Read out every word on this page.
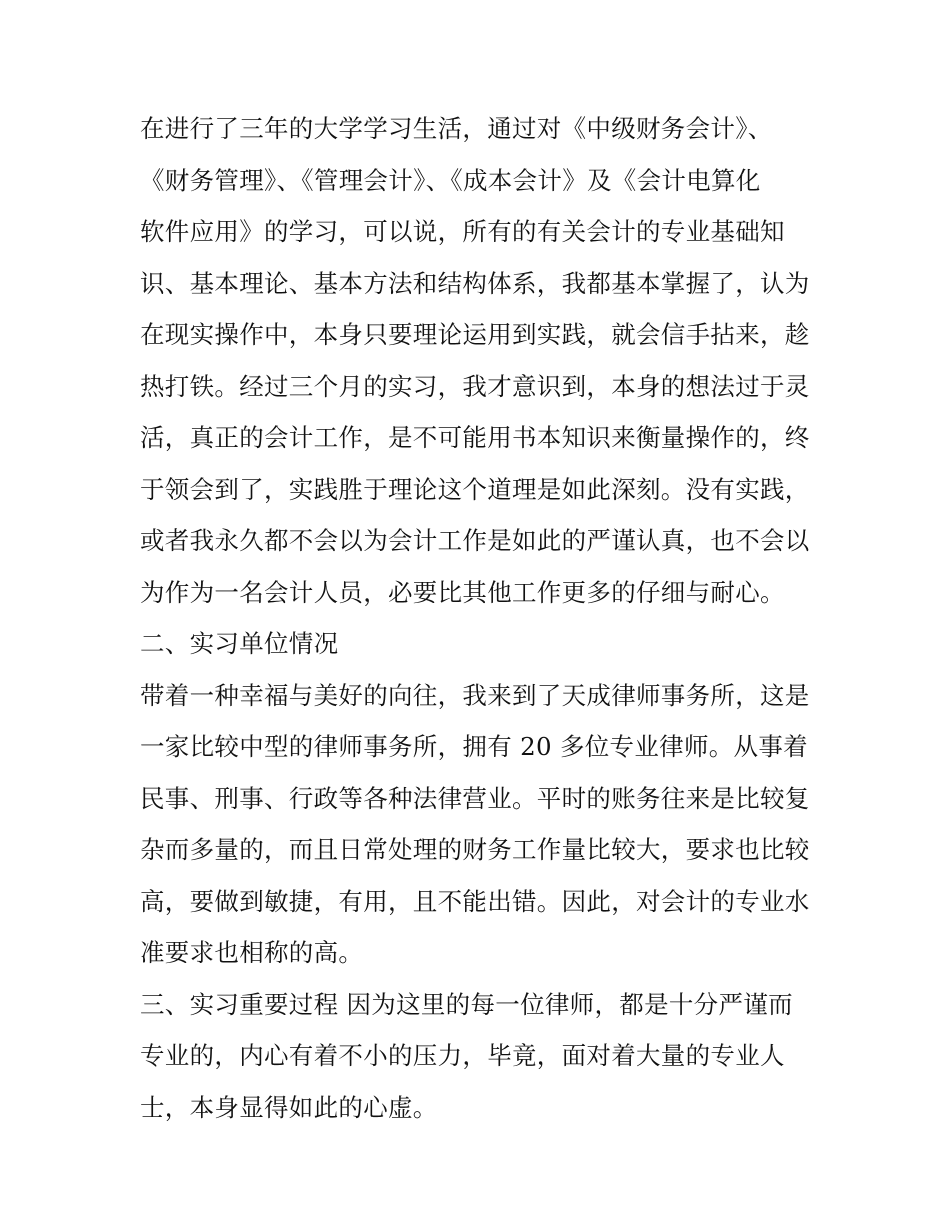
在进行了三年的大学学习生活，通过对《中级财务会计》、
《财务管理》、《管理会计》、《成本会计》及《会计电算化
软件应用》的学习，可以说，所有的有关会计的专业基础知
识、基本理论、基本方法和结构体系，我都基本掌握了，认为
在现实操作中，本身只要理论运用到实践，就会信手拈来，趁
热打铁。经过三个月的实习，我才意识到，本身的想法过于灵
活，真正的会计工作，是不可能用书本知识来衡量操作的，终
于领会到了，实践胜于理论这个道理是如此深刻。没有实践，
或者我永久都不会以为会计工作是如此的严谨认真，也不会以
为作为一名会计人员，必要比其他工作更多的仔细与耐心。
二、实习单位情况
带着一种幸福与美好的向往，我来到了天成律师事务所，这是
一家比较中型的律师事务所，拥有 20 多位专业律师。从事着
民事、刑事、行政等各种法律营业。平时的账务往来是比较复
杂而多量的，而且日常处理的财务工作量比较大，要求也比较
高，要做到敏捷，有用，且不能出错。因此，对会计的专业水
准要求也相称的高。
三、实习重要过程 因为这里的每一位律师，都是十分严谨而
专业的，内心有着不小的压力，毕竟，面对着大量的专业人
士，本身显得如此的心虚。
